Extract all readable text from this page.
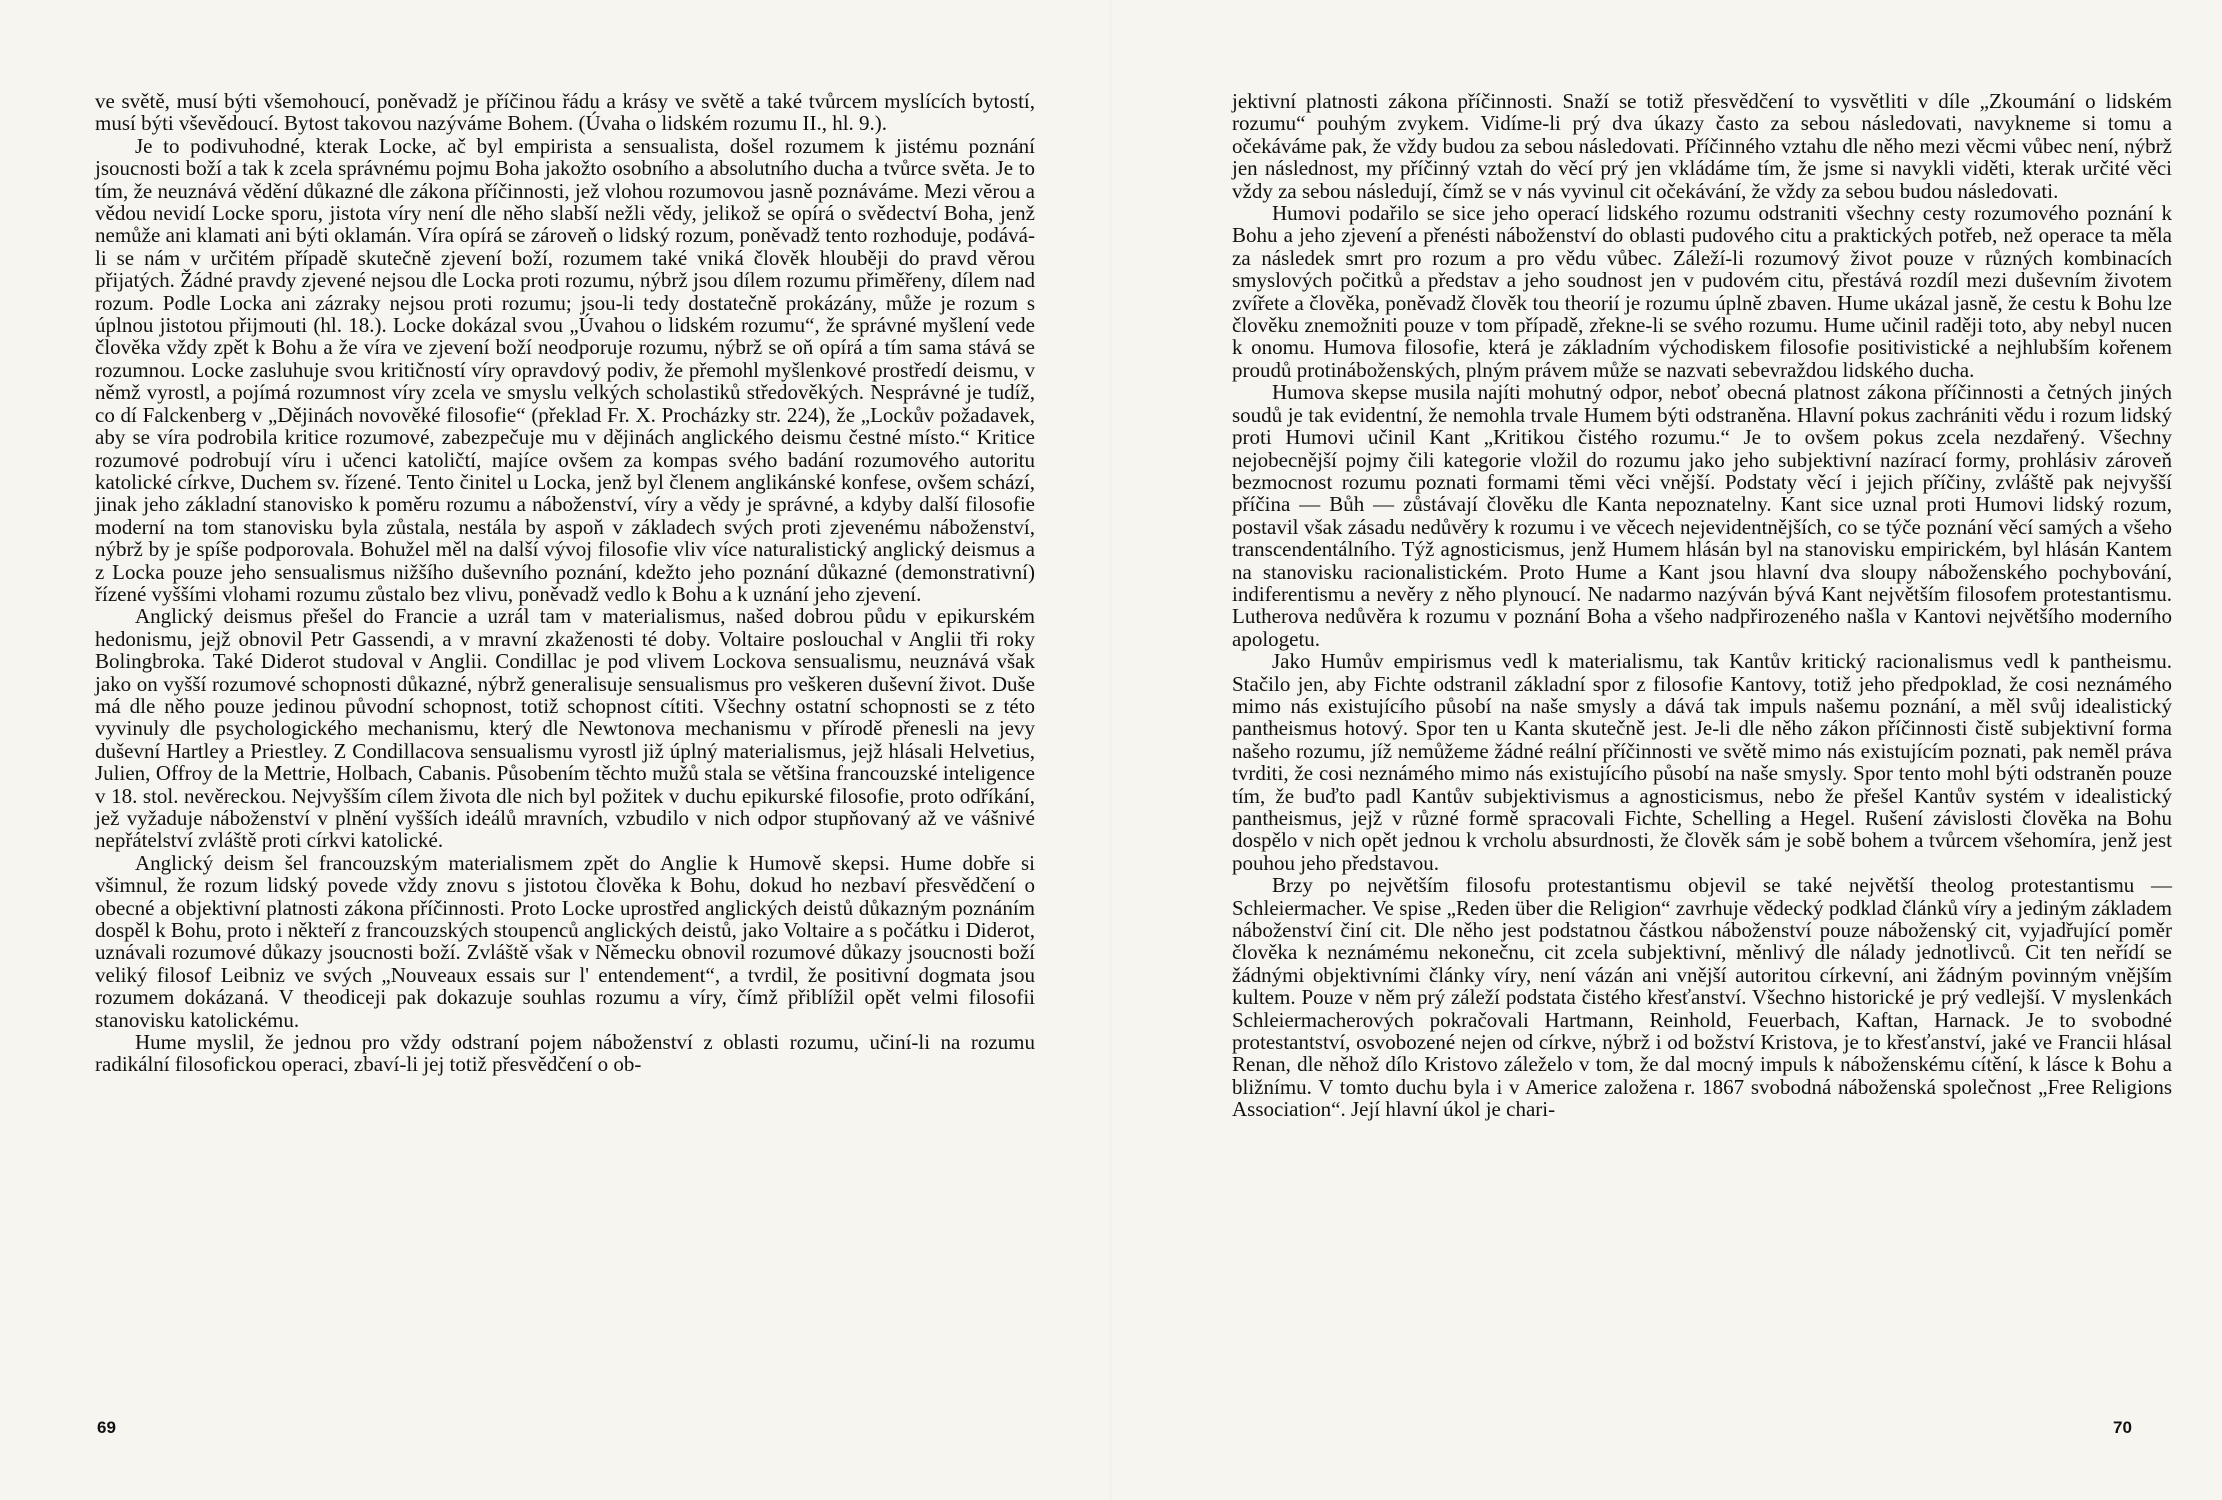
ve světě, musí býti všemohoucí, poněvadž je příčinou řádu a krásy ve světě a také tvůrcem myslících bytostí, musí býti vševědoucí. Bytost takovou nazýváme Bohem. (Úvaha o lidském rozumu II., hl. 9.).

Je to podivuhodné, kterak Locke, ač byl empirista a sensualista, došel rozumem k jistému poznání jsoucnosti boží a tak k zcela správnému pojmu Boha jakožto osobního a absolutního ducha a tvůrce světa. Je to tím, že neuznává vědění důkazné dle zákona příčinnosti, jež vlohou rozumovou jasně poznáváme. Mezi vĕrou a vědou nevidí Locke sporu, jistota víry není dle něho slabší nežli vědy, jelikož se opírá o svědectví Boha, jenž nemůže ani klamati ani býti oklamán. Víra opírá se zároveň o lidský rozum, poněvadž tento rozhoduje, podává-li se nám v určitém případě skutečně zjevení boží, rozumem také vniká člověk hlouběji do pravd věrou přijatých. Žádné pravdy zjevené nejsou dle Locka proti rozumu, nýbrž jsou dílem rozumu přiměřeny, dílem nad rozum. Podle Locka ani zázraky nejsou proti rozumu; jsou-li tedy dostatečně prokázány, může je rozum s úplnou jistotou přijmouti (hl. 18.). Locke dokázal svou „Úvahou o lidském rozumu“, že správné myšlení vede člověka vždy zpět k Bohu a že víra ve zjevení boží neodporuje rozumu, nýbrž se oň opírá a tím sama stává se rozumnou. Locke zasluhuje svou kritičností víry opravdový podiv, že přemohl myšlenkové prostředí deismu, v němž vyrostl, a pojímá rozumnost víry zcela ve smyslu velkých scholastiků středověkých. Nesprávné je tudíž, co dí Falckenberg v „Dějinách novověké filosofie“ (překlad Fr. X. Procházky str. 224), že „Lockův požadavek, aby se víra podrobila kritice rozumové, zabezpečuje mu v dějinách anglického deismu čestné místo.“ Kritice rozumové podrobují víru i učenci katoličtí, majíce ovšem za kompas svého badání rozumového autoritu katolické církve, Duchem sv. řízené. Tento činitel u Locka, jenž byl členem anglikánské konfese, ovšem schází, jinak jeho základní stanovisko k poměru rozumu a náboženství, víry a vědy je správné, a kdyby další filosofie moderní na tom stanovisku byla zůstala, nestála by aspoň v základech svých proti zjevenému náboženství, nýbrž by je spíše podporovala. Bohužel měl na další vývoj filosofie vliv více naturalistický anglický deismus a z Locka pouze jeho sensualismus nižšího duševního poznání, kdežto jeho poznání důkazné (demonstrativní) řízené vyššími vlohami rozumu zůstalo bez vlivu, poněvadž vedlo k Bohu a k uznání jeho zjevení.

Anglický deismus přešel do Francie a uzrál tam v materialismus, našed dobrou půdu v epikurském hedonismu, jejž obnovil Petr Gassendi, a v mravní zkaženosti té doby. Voltaire poslouchal v Anglii tři roky Bolingbroka. Také Diderot studoval v Anglii. Condillac je pod vlivem Lockova sensualismu, neuznává však jako on vyšší rozumové schopnosti důkazné, nýbrž generalisuje sensualismus pro veškeren duševní život. Duše má dle něho pouze jedinou původní schopnost, totiž schopnost cítiti. Všechny ostatní schopnosti se z této vyvinuly dle psychologického mechanismu, který dle Newtonova mechanismu v přírodě přenesli na jevy duševní Hartley a Priestley. Z Condillacova sensualismu vyrostl již úplný materialismus, jejž hlásali Helvetius, Julien, Offroy de la Mettrie, Holbach, Cabanis. Působením těchto mužů stala se většina francouzské inteligence v 18. stol. nevěreckou. Nejvyšším cílem života dle nich byl požitek v duchu epikurské filosofie, proto odříkání, jež vyžaduje náboženství v plnění vyšších ideálů mravních, vzbudilo v nich odpor stupňovaný až ve vášnivé nepřátelství zvláště proti církvi katolické.

Anglický deism šel francouzským materialismem zpět do Anglie k Humově skepsi. Hume dobře si všimnul, že rozum lidský povede vždy znovu s jistotou člověka k Bohu, dokud ho nezbaví přesvědčení o obecné a objektivní platnosti zákona příčinnosti. Proto Locke uprostřed anglických deistů důkazným poznáním dospěl k Bohu, proto i někteří z francouzských stoupenců anglických deistů, jako Voltaire a s počátku i Diderot, uznávali rozumové důkazy jsoucnosti boží. Zvláště však v Německu obnovil rozumové důkazy jsoucnosti boží veliký filosof Leibniz ve svých „Nouveaux essais sur l' entendement“, a tvrdil, že positivní dogmata jsou rozumem dokázaná. V theodiceji pak dokazuje souhlas rozumu a víry, čímž přiblížil opět velmi filosofii stanovisku katolickému.

Hume myslil, že jednou pro vždy odstraní pojem náboženství z oblasti rozumu, učiní-li na rozumu radikální filosofickou operaci, zbaví-li jej totiž přesvědčení o ob-

69

jektivní platnosti zákona příčinnosti. Snaží se totiž přesvědčení to vysvětliti v díle „Zkoumání o lidském rozumu“ pouhým zvykem. Vidíme-li prý dva úkazy často za sebou následovati, navykneme si tomu a očekáváme pak, že vždy budou za sebou následovati. Příčinného vztahu dle něho mezi věcmi vůbec není, nýbrž jen následnost, my příčinný vztah do věcí prý jen vkládáme tím, že jsme si navykli viděti, kterak určité věci vždy za sebou následují, čímž se v nás vyvinul cit očekávání, že vždy za sebou budou následovati.

Humovi podařilo se sice jeho operací lidského rozumu odstraniti všechny cesty rozumového poznání k Bohu a jeho zjevení a přenésti náboženství do oblasti pudového citu a praktických potřeb, než operace ta měla za následek smrt pro rozum a pro vědu vůbec. Záleží-li rozumový život pouze v různých kombinacích smyslových počitků a představ a jeho soudnost jen v pudovém citu, přestává rozdíl mezi duševním životem zvířete a člověka, poněvadž člověk tou theorií je rozumu úplně zbaven. Hume ukázal jasně, že cestu k Bohu lze člověku znemožniti pouze v tom případě, zřekne-li se svého rozumu. Hume učinil raději toto, aby nebyl nucen k onomu. Humova filosofie, která je základním východiskem filosofie positivistické a nejhlubším kořenem proudů protináboženských, plným právem může se nazvati sebevraždou lidského ducha.

Humova skepse musila najíti mohutný odpor, neboť obecná platnost zákona příčinnosti a četných jiných soudů je tak evidentní, že nemohla trvale Humem býti odstraněna. Hlavní pokus zachrániti vědu i rozum lidský proti Humovi učinil Kant „Kritikou čistého rozumu.“ Je to ovšem pokus zcela nezdařený. Všechny nejobecnější pojmy čili kategorie vložil do rozumu jako jeho subjektivní nazírací formy, prohlásiv zároveň bezmocnost rozumu poznati formami těmi věci vnější. Podstaty věcí i jejich příčiny, zvláště pak nejvyšší příčina — Bůh — zůstávají člověku dle Kanta nepoznatelny. Kant sice uznal proti Humovi lidský rozum, postavil však zásadu nedůvěry k rozumu i ve věcech nejevidentnějších, co se týče poznání věcí samých a všeho transcendentálního. Týž agnosticismus, jenž Humem hlásán byl na stanovisku empirickém, byl hlásán Kantem na stanovisku racionalistickém. Proto Hume a Kant jsou hlavní dva sloupy náboženského pochybování, indiferentismu a nevěry z něho plynoucí. Ne nadarmo nazýván bývá Kant největším filosofem protestantismu. Lutherova nedůvěra k rozumu v poznání Boha a všeho nadpřirozeného našla v Kantovi největšího moderního apologetu.

Jako Humův empirismus vedl k materialismu, tak Kantův kritický racionalismus vedl k pantheismu. Stačilo jen, aby Fichte odstranil základní spor z filosofie Kantovy, totiž jeho předpoklad, že cosi neznámého mimo nás existujícího působí na naše smysly a dává tak impuls našemu poznání, a měl svůj idealistický pantheismus hotový. Spor ten u Kanta skutečně jest. Je-li dle něho zákon příčinnosti čistě subjektivní forma našeho rozumu, jíž nemůžeme žádné reální příčinnosti ve světě mimo nás existujícím poznati, pak neměl práva tvrditi, že cosi neznámého mimo nás existujícího působí na naše smysly. Spor tento mohl býti odstraněn pouze tím, že buďto padl Kantův subjektivismus a agnosticismus, nebo že přešel Kantův systém v idealistický pantheismus, jejž v různé formě spracovali Fichte, Schelling a Hegel. Rušení závislosti člověka na Bohu dospělo v nich opět jednou k vrcholu absurdnosti, že člověk sám je sobě bohem a tvůrcem všehomíra, jenž jest pouhou jeho představou.

Brzy po největším filosofu protestantismu objevil se také největší theolog protestantismu — Schleiermacher. Ve spise „Reden über die Religion“ zavrhuje vědecký podklad článků víry a jediným základem náboženství činí cit. Dle něho jest podstatnou částkou náboženství pouze náboženský cit, vyjadřující poměr člověka k neznámému nekonečnu, cit zcela subjektivní, měnlivý dle nálady jednotlivců. Cit ten neřídí se žádnými objektivními články víry, není vázán ani vnější autoritou církevní, ani žádným povinným vnějším kultem. Pouze v něm prý záleží podstata čistého křesťanství. Všechno historické je prý vedlejší. V myslenkách Schleiermacherových pokračovali Hartmann, Reinhold, Feuerbach, Kaftan, Harnack. Je to svobodné protestantství, osvobozené nejen od církve, nýbrž i od božství Kristova, je to křesťanství, jaké ve Francii hlásal Renan, dle něhož dílo Kristovo záleželo v tom, že dal mocný impuls k náboženskému cítění, k lásce k Bohu a bližnímu. V tomto duchu byla i v Americe založena r. 1867 svobodná náboženská společnost „Free Religions Association“. Její hlavní úkol je chari-

70
